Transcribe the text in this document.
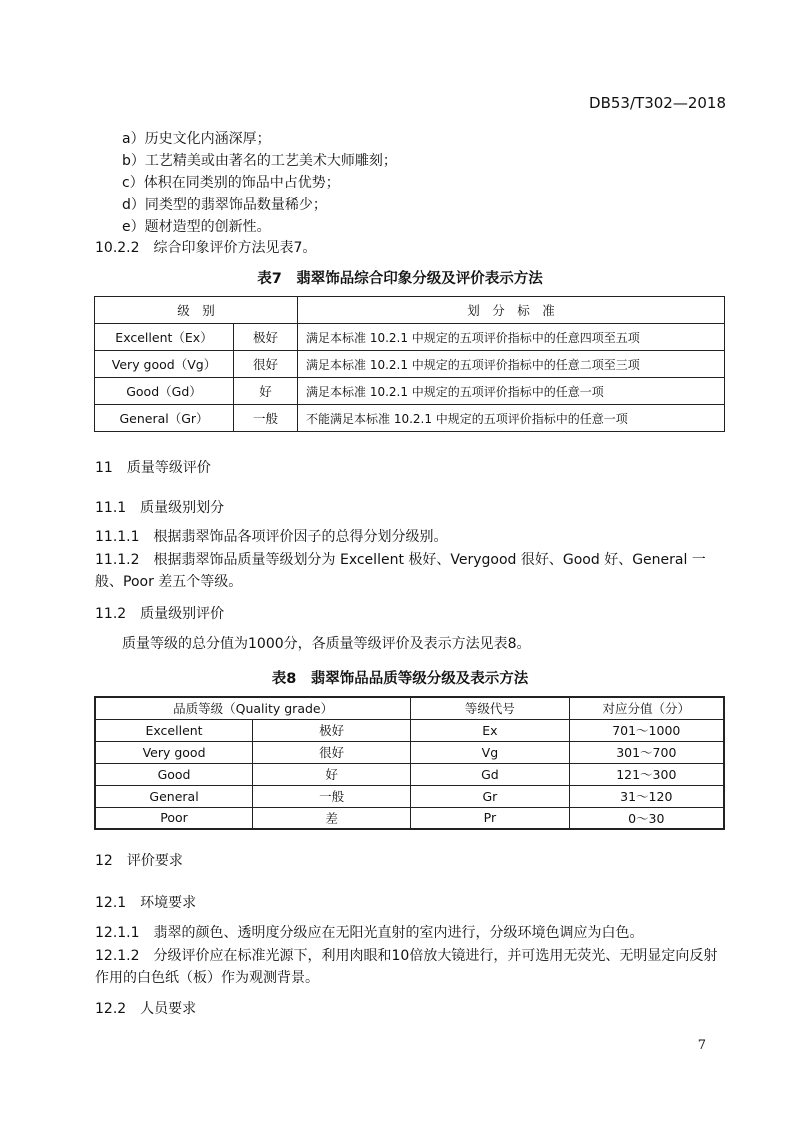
DB53/T302—2018
a）历史文化内涵深厚；
b）工艺精美或由著名的工艺美术大师雕刻；
c）体积在同类别的饰品中占优势；
d）同类型的翡翠饰品数量稀少；
e）题材造型的创新性。
10.2.2　综合印象评价方法见表7。
表7　翡翠饰品综合印象分级及评价表示方法
级　别		划　分　标　准
Excellent（Ex）	极好	满足本标准 10.2.1 中规定的五项评价指标中的任意四项至五项
Very good（Vg）	很好	满足本标准 10.2.1 中规定的五项评价指标中的任意二项至三项
Good（Gd）	好	满足本标准 10.2.1 中规定的五项评价指标中的任意一项
General（Gr）	一般	不能满足本标准 10.2.1 中规定的五项评价指标中的任意一项
11　质量等级评价
11.1　质量级别划分
11.1.1　根据翡翠饰品各项评价因子的总得分划分级别。
11.1.2　根据翡翠饰品质量等级划分为 Excellent 极好、Verygood 很好、Good 好、General 一般、Poor 差五个等级。
11.2　质量级别评价
质量等级的总分值为1000分，各质量等级评价及表示方法见表8。
表8　翡翠饰品品质等级分级及表示方法
品质等级（Quality grade）		等级代号	对应分值（分）
Excellent	极好	Ex	701～1000
Very good	很好	Vg	301～700
Good	好	Gd	121～300
General	一般	Gr	31～120
Poor	差	Pr	0～30
12　评价要求
12.1　环境要求
12.1.1　翡翠的颜色、透明度分级应在无阳光直射的室内进行，分级环境色调应为白色。
12.1.2　分级评价应在标准光源下，利用肉眼和10倍放大镜进行，并可选用无荧光、无明显定向反射作用的白色纸（板）作为观测背景。
12.2　人员要求
7
